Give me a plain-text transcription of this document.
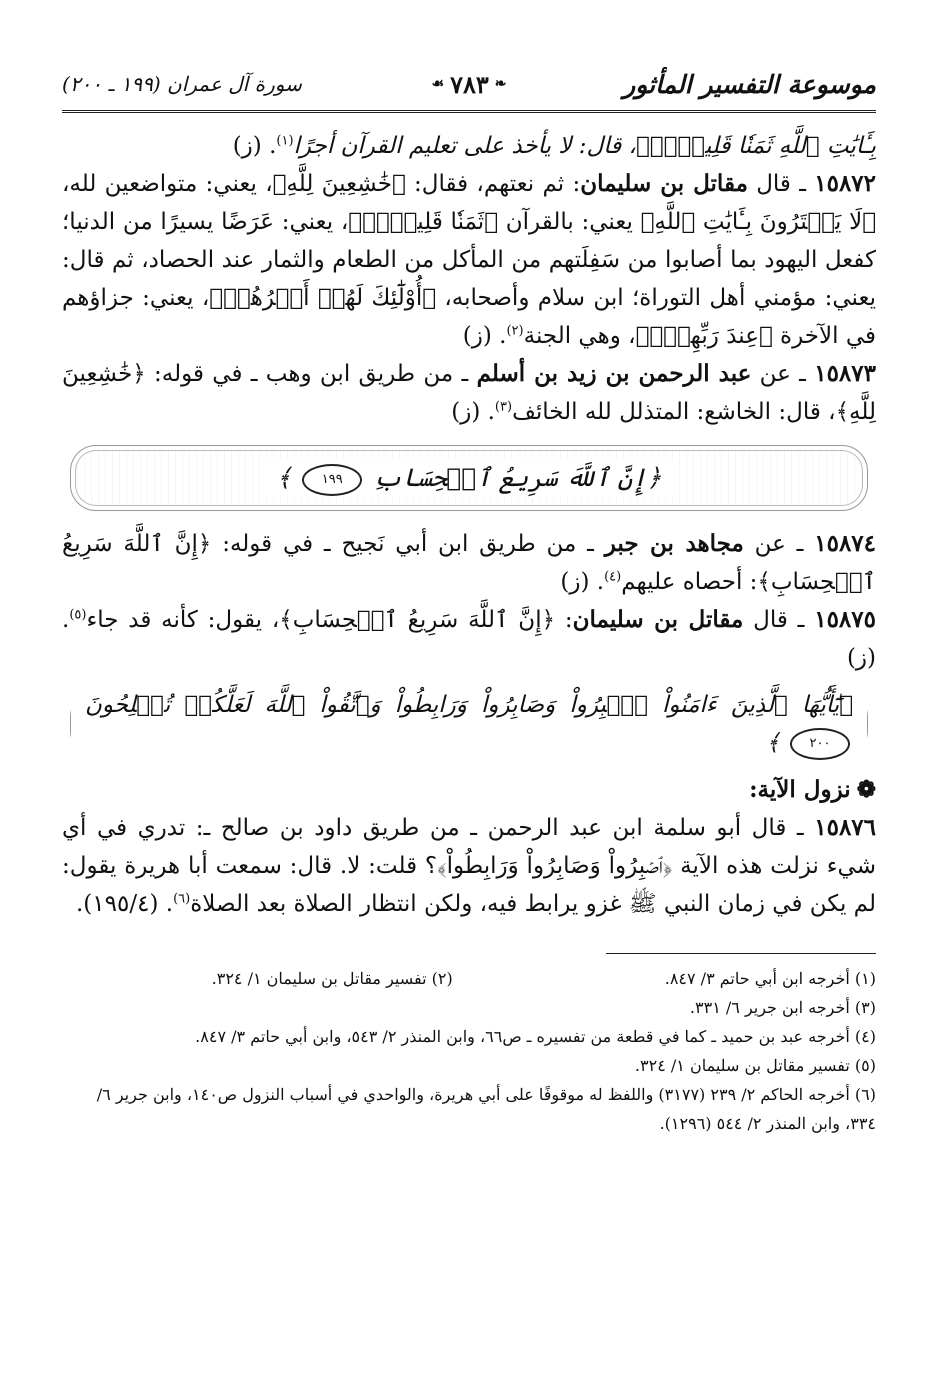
موسوعة التفسير المأثور
❧
٧٨٣
☙
سورة آل عمران (١٩٩ ـ ٢٠٠)

بِـَٔايَٰتِ ٱللَّهِ ثَمَنٗا قَلِيلًاۚ﴾، قال: لا يأخذ على تعليم القرآن أجرًا$^{(١)}$. (ز)

١٥٨٧٢ ـ قال مقاتل بن سليمان: ثم نعتهم، فقال: ﴿خَٰشِعِينَ لِلَّهِ﴾، يعني: متواضعين لله، ﴿لَا يَشۡتَرُونَ بِـَٔايَٰتِ ٱللَّهِ﴾ يعني: بالقرآن ﴿ثَمَنٗا قَلِيلًاۚ﴾، يعني: عَرَضًا يسيرًا من الدنيا؛ كفعل اليهود بما أصابوا من سَفِلَتهم من المأكل من الطعام والثمار عند الحصاد، ثم قال: يعني: مؤمني أهل التوراة؛ ابن سلام وأصحابه، ﴿أُوْلَٰٓئِكَ لَهُمۡ أَجۡرُهُمۡ﴾، يعني: جزاؤهم في الآخرة ﴿عِندَ رَبِّهِمۡۗ﴾، وهي الجنة$^{(٢)}$. (ز)

١٥٨٧٣ ـ عن عبد الرحمن بن زيد بن أسلم ـ من طريق ابن وهب ـ في قوله: ﴿خَٰشِعِينَ لِلَّهِ﴾، قال: الخاشع: المتذلل لله الخائف$^{(٣)}$. (ز)

﴿إِنَّ ٱللَّهَ سَرِيعُ ٱلۡحِسَابِ ١٩٩ ﴾

١٥٨٧٤ ـ عن مجاهد بن جبر ـ من طريق ابن أبي نَجيح ـ في قوله: ﴿إِنَّ ٱللَّهَ سَرِيعُ ٱلۡحِسَابِ﴾: أحصاه عليهم$^{(٤)}$. (ز)

١٥٨٧٥ ـ قال مقاتل بن سليمان: ﴿إِنَّ ٱللَّهَ سَرِيعُ ٱلۡحِسَابِ﴾، يقول: كأنه قد جاء$^{(٥)}$. (ز)

﴿يَٰٓأَيُّهَا ٱلَّذِينَ ءَامَنُواْ ٱصۡبِرُواْ وَصَابِرُواْ وَرَابِطُواْ وَٱتَّقُواْ ٱللَّهَ لَعَلَّكُمۡ تُفۡلِحُونَ ٢٠٠ ﴾
❁نزول الآية:

١٥٨٧٦ ـ قال أبو سلمة ابن عبد الرحمن ـ من طريق داود بن صالح ـ: تدري في أي شيء نزلت هذه الآية ﴿ٱصۡبِرُواْ وَصَابِرُواْ وَرَابِطُواْ﴾؟ قلت: لا. قال: سمعت أبا هريرة يقول: لم يكن في زمان النبي ﷺ غزو يرابط فيه، ولكن انتظار الصلاة بعد الصلاة$^{(٦)}$. (١٩٥/٤).

(١) أخرجه ابن أبي حاتم ٣/ ٨٤٧.
(٢) تفسير مقاتل بن سليمان ١/ ٣٢٤.
(٣) أخرجه ابن جرير ٦/ ٣٣١.
(٤) أخرجه عبد بن حميد ـ كما في قطعة من تفسيره ـ ص٦٦، وابن المنذر ٢/ ٥٤٣، وابن أبي حاتم ٣/ ٨٤٧.
(٥) تفسير مقاتل بن سليمان ١/ ٣٢٤.
(٦) أخرجه الحاكم ٢/ ٢٣٩ (٣١٧٧) واللفظ له موقوفًا على أبي هريرة، والواحدي في أسباب النزول ص١٤٠، وابن جرير ٦/ ٣٣٤، وابن المنذر ٢/ ٥٤٤ (١٢٩٦).
